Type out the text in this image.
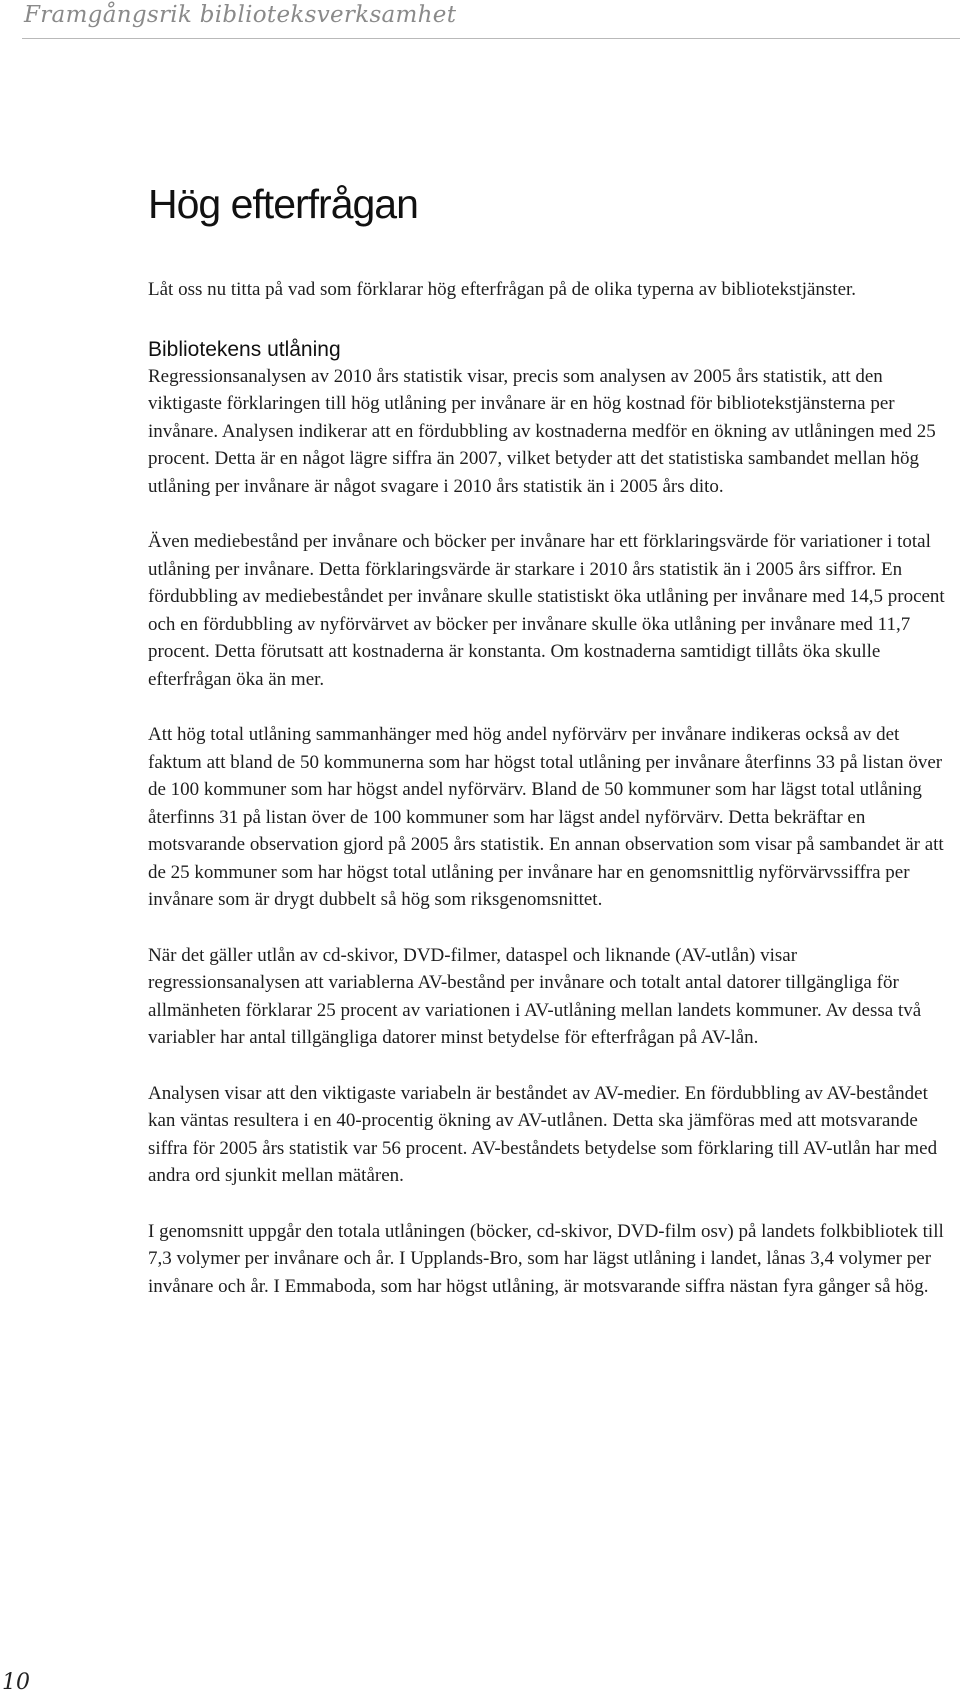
Framgångsrik biblioteksverksamhet
Hög efterfrågan

Låt oss nu titta på vad som förklarar hög efterfrågan på de olika typerna av bibliotekstjänster.

Bibliotekens utlåning

Regressionsanalysen av 2010 års statistik visar, precis som analysen av 2005 års statistik, att den viktigaste förklaringen till hög utlåning per invånare är en hög kostnad för bibliotekstjänsterna per invånare. Analysen indikerar att en fördubbling av kostnaderna medför en ökning av utlåningen med 25 procent. Detta är en något lägre siffra än 2007, vilket betyder att det statistiska sambandet mellan hög utlåning per invånare är något svagare i 2010 års statistik än i 2005 års dito.

Även mediebestånd per invånare och böcker per invånare har ett förklaringsvärde för variationer i total utlåning per invånare. Detta förklaringsvärde är starkare i 2010 års statistik än i 2005 års siffror. En fördubbling av mediebeståndet per invånare skulle statistiskt öka utlåning per invånare med 14,5 procent och en fördubbling av nyförvärvet av böcker per invånare skulle öka utlåning per invånare med 11,7 procent. Detta förutsatt att kostnaderna är konstanta. Om kostnaderna samtidigt tillåts öka skulle efterfrågan öka än mer.

Att hög total utlåning sammanhänger med hög andel nyförvärv per invånare indikeras också av det faktum att bland de 50 kommunerna som har högst total utlåning per invånare återfinns 33 på listan över de 100 kommuner som har högst andel nyförvärv. Bland de 50 kommuner som har lägst total utlåning återfinns 31 på listan över de 100 kommuner som har lägst andel nyförvärv. Detta bekräftar en motsvarande observation gjord på 2005 års statistik. En annan observation som visar på sambandet är att de 25 kommuner som har högst total utlåning per invånare har en genomsnittlig nyförvärvssiffra per invånare som är drygt dubbelt så hög som riksgenomsnittet.

När det gäller utlån av cd-skivor, DVD-filmer, dataspel och liknande (AV-utlån) visar regressionsanalysen att variablerna AV-bestånd per invånare och totalt antal datorer tillgängliga för allmänheten förklarar 25 procent av variationen i AV-utlåning mellan landets kommuner. Av dessa två variabler har antal tillgängliga datorer minst betydelse för efterfrågan på AV-lån.

Analysen visar att den viktigaste variabeln är beståndet av AV-medier. En fördubbling av AV-beståndet kan väntas resultera i en 40-procentig ökning av AV-utlånen. Detta ska jämföras med att motsvarande siffra för 2005 års statistik var 56 procent. AV-beståndets betydelse som förklaring till AV-utlån har med andra ord sjunkit mellan mätåren.

I genomsnitt uppgår den totala utlåningen (böcker, cd-skivor, DVD-film osv) på landets folkbibliotek till 7,3 volymer per invånare och år. I Upplands-Bro, som har lägst utlåning i landet, lånas 3,4 volymer per invånare och år. I Emmaboda, som har högst utlåning, är motsvarande siffra nästan fyra gånger så hög.

10
